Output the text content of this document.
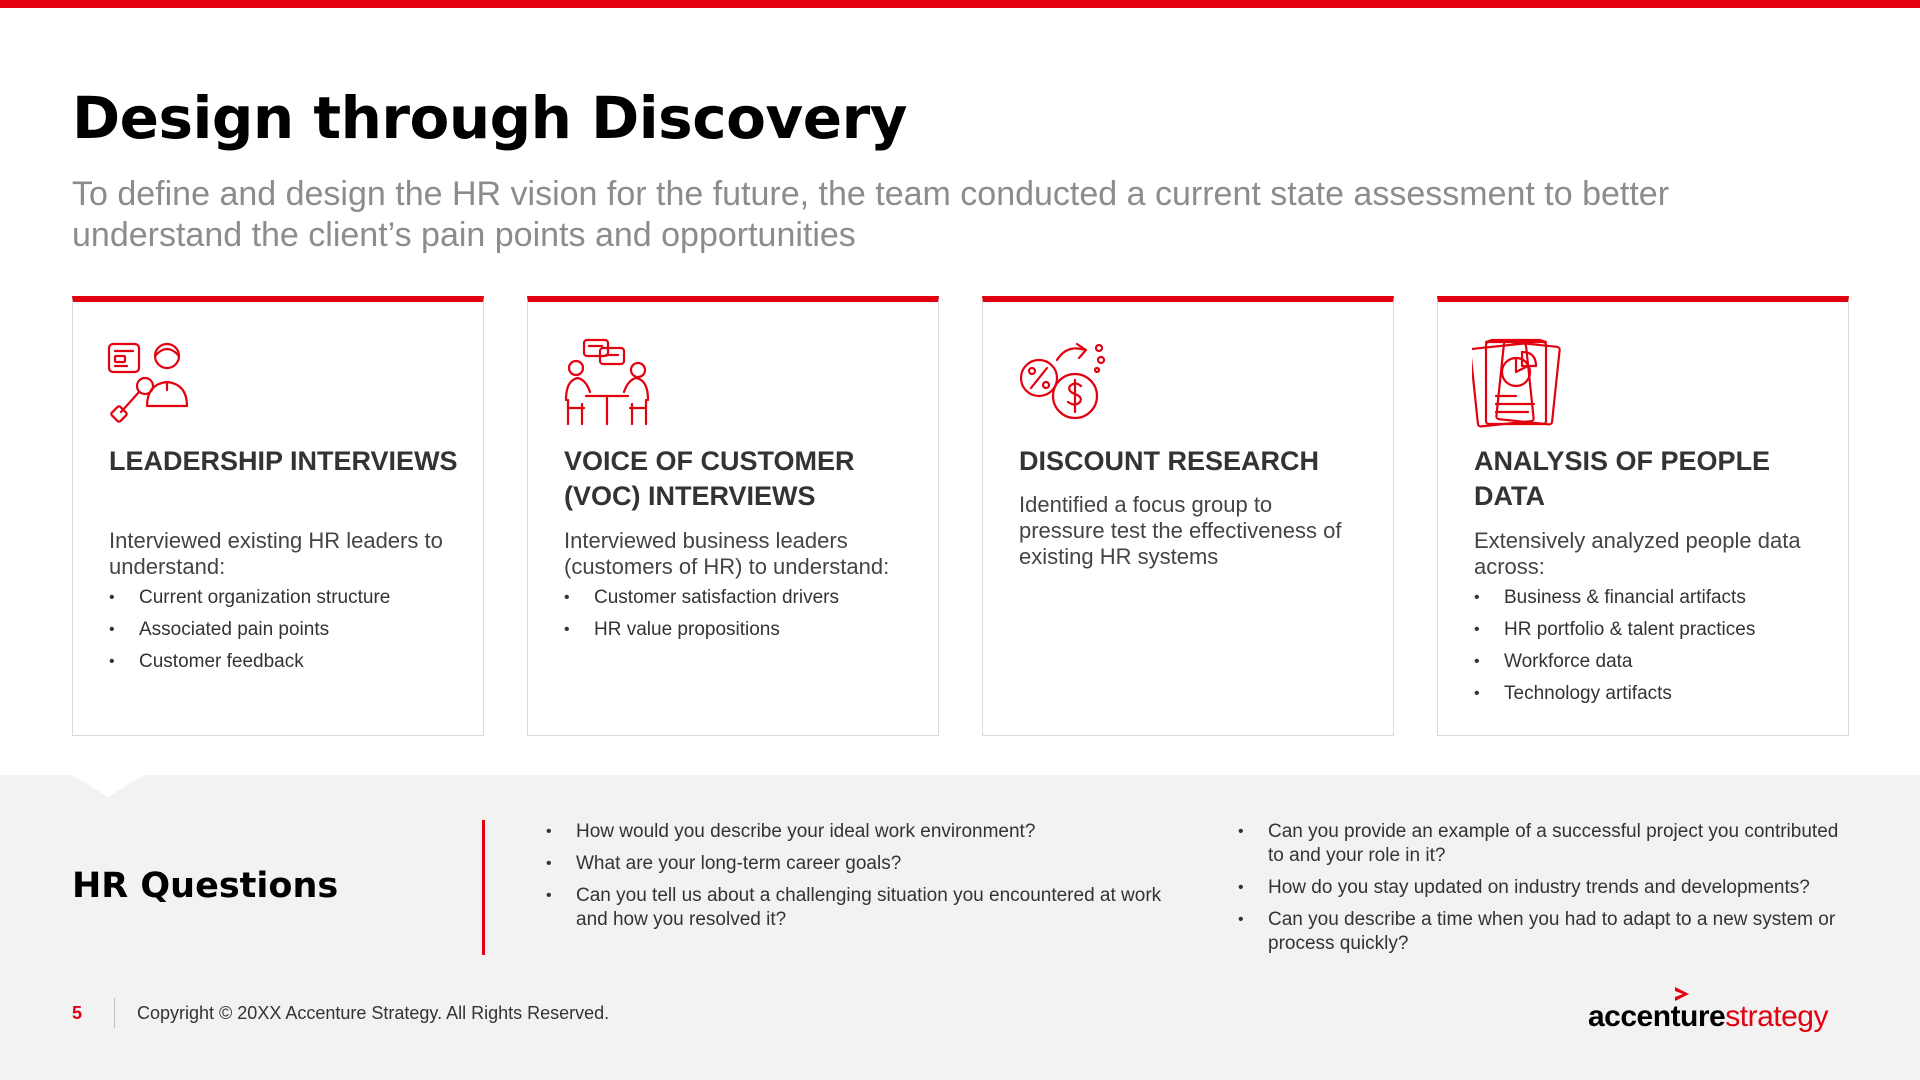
Design through Discovery

To define and design the HR vision for the future, the team conducted a current state assessment to better understand the client’s pain points and opportunities

LEADERSHIP INTERVIEWS
Interviewed existing HR leaders to understand:
• Current organization structure
• Associated pain points
• Customer feedback
VOICE OF CUSTOMER (VOC) INTERVIEWS
Interviewed business leaders (customers of HR) to understand:
• Customer satisfaction drivers
• HR value propositions
DISCOUNT RESEARCH
Identified a focus group to pressure test the effectiveness of existing HR systems
ANALYSIS OF PEOPLE DATA
Extensively analyzed people data across:
• Business & financial artifacts
• HR portfolio & talent practices
• Workforce data
• Technology artifacts
HR Questions
• How would you describe your ideal work environment?
• What are your long-term career goals?
• Can you tell us about a challenging situation you encountered at work and how you resolved it?
• Can you provide an example of a successful project you contributed to and your role in it?
• How do you stay updated on industry trends and developments?
• Can you describe a time when you had to adapt to a new system or process quickly?
5	Copyright © 20XX Accenture Strategy. All Rights Reserved.	accenturestrategy
